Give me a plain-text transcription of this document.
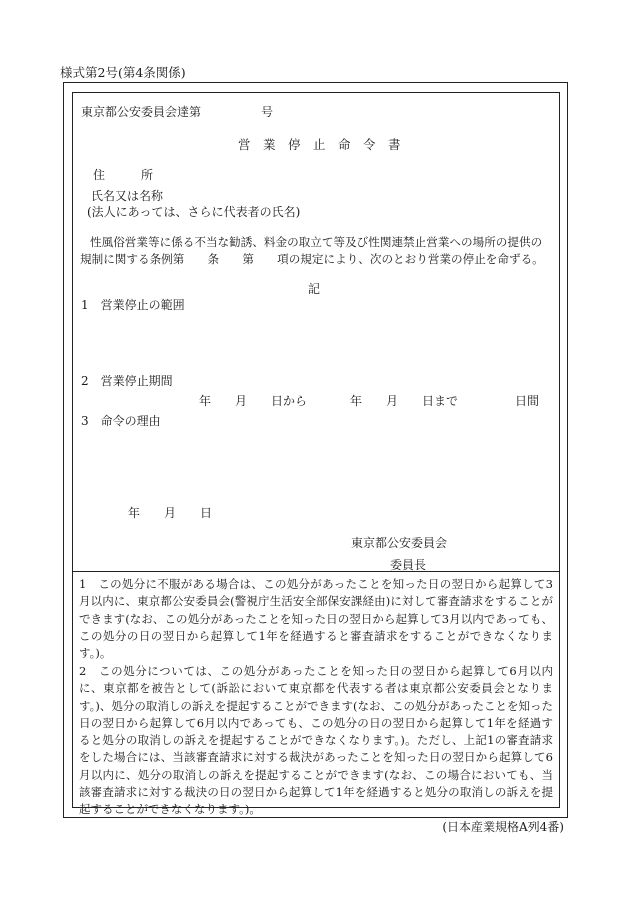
様式第2号(第4条関係)
東京都公安委員会達第　　　　　号
営　業　停　止　命　令　書
住　　　所
氏名又は名称
(法人にあっては、さらに代表者の氏名)
性風俗営業等に係る不当な勧誘、料金の取立て等及び性関連禁止営業への場所の提供の
規制に関する条例第　　条　　第　　項の規定により、次のとおり営業の停止を命ずる。
記
1　営業停止の範囲
2　営業停止期間
年　　月　　日から	年　　月　　日まで	日間
3　命令の理由
年　　月　　日
東京都公安委員会
委員長
1　この処分に不服がある場合は、この処分があったことを知った日の翌日から起算して3月以内に、東京都公安委員会(警視庁生活安全部保安課経由)に対して審査請求をすることができます(なお、この処分があったことを知った日の翌日から起算して3月以内であっても、この処分の日の翌日から起算して1年を経過すると審査請求をすることができなくなります。)。
2　この処分については、この処分があったことを知った日の翌日から起算して6月以内に、東京都を被告として(訴訟において東京都を代表する者は東京都公安委員会となります。)、処分の取消しの訴えを提起することができます(なお、この処分があったことを知った日の翌日から起算して6月以内であっても、この処分の日の翌日から起算して1年を経過すると処分の取消しの訴えを提起することができなくなります。)。ただし、上記1の審査請求をした場合には、当該審査請求に対する裁決があったことを知った日の翌日から起算して6月以内に、処分の取消しの訴えを提起することができます(なお、この場合においても、当該審査請求に対する裁決の日の翌日から起算して1年を経過すると処分の取消しの訴えを提起することができなくなります。)。
(日本産業規格A列4番)
